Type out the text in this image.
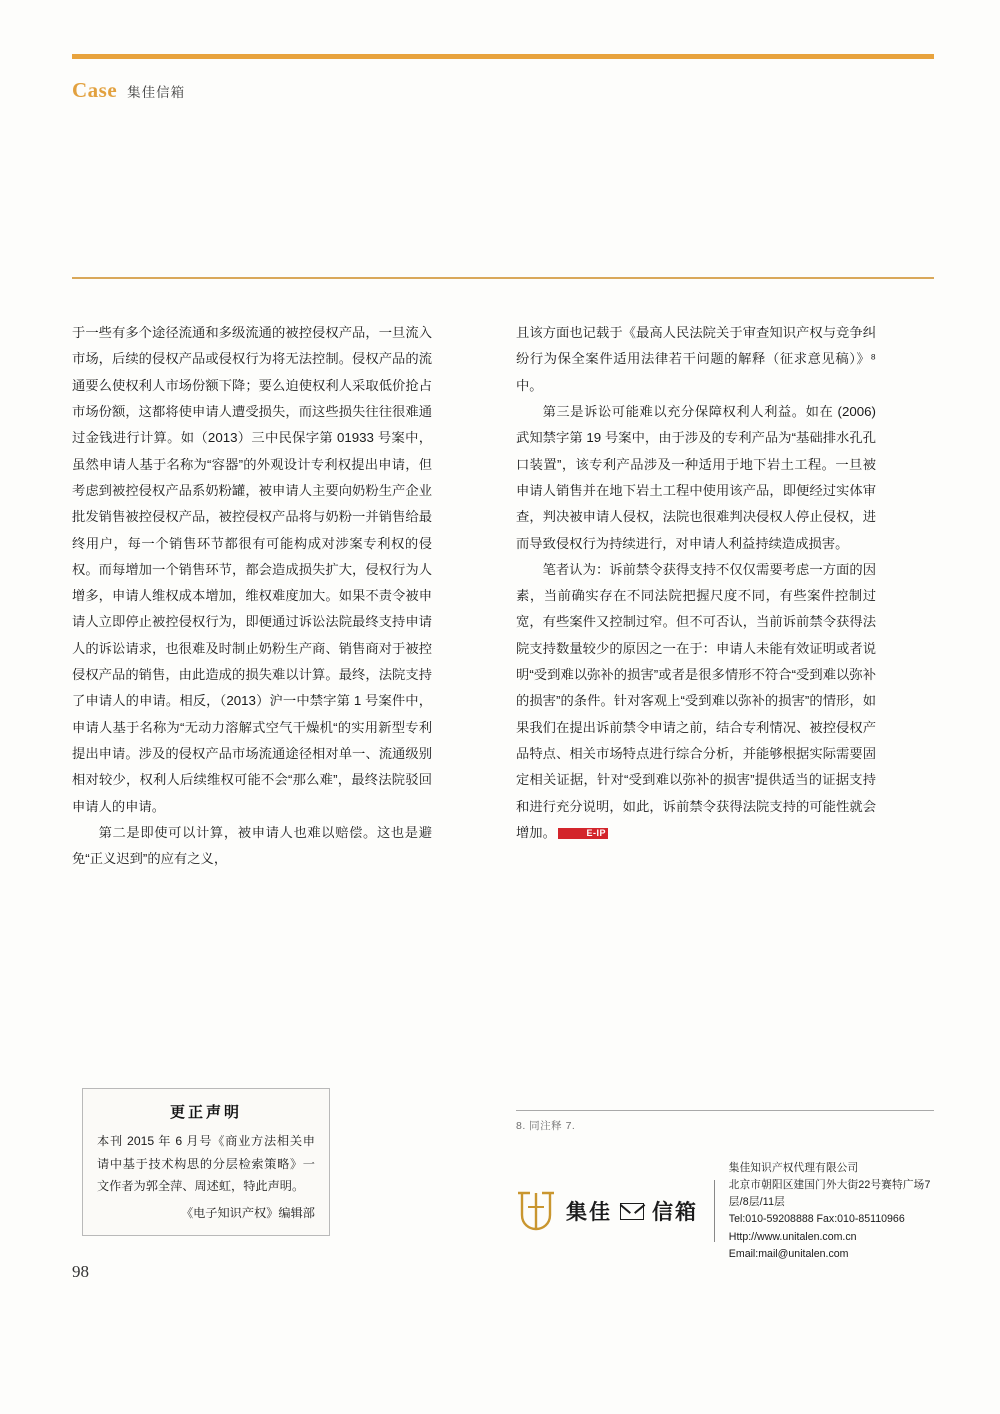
Case 集佳信箱

于一些有多个途径流通和多级流通的被控侵权产品，一旦流入市场，后续的侵权产品或侵权行为将无法控制。侵权产品的流通要么使权利人市场份额下降；要么迫使权利人采取低价抢占市场份额，这都将使申请人遭受损失，而这些损失往往很难通过金钱进行计算。如（2013）三中民保字第 01933 号案中，虽然申请人基于名称为“容器”的外观设计专利权提出申请，但考虑到被控侵权产品系奶粉罐，被申请人主要向奶粉生产企业批发销售被控侵权产品，被控侵权产品将与奶粉一并销售给最终用户，每一个销售环节都很有可能构成对涉案专利权的侵权。而每增加一个销售环节，都会造成损失扩大，侵权行为人增多，申请人维权成本增加，维权难度加大。如果不责令被申请人立即停止被控侵权行为，即便通过诉讼法院最终支持申请人的诉讼请求，也很难及时制止奶粉生产商、销售商对于被控侵权产品的销售，由此造成的损失难以计算。最终，法院支持了申请人的申请。相反，（2013）沪一中禁字第 1 号案件中，申请人基于名称为“无动力溶解式空气干燥机“的实用新型专利提出申请。涉及的侵权产品市场流通途径相对单一、流通级别相对较少，权利人后续维权可能不会“那么难”，最终法院驳回申请人的申请。

第二是即使可以计算，被申请人也难以赔偿。这也是避免“正义迟到”的应有之义，

且该方面也记载于《最高人民法院关于审查知识产权与竞争纠纷行为保全案件适用法律若干问题的解释（征求意见稿）》⁸中。

第三是诉讼可能难以充分保障权利人利益。如在 (2006) 武知禁字第 19 号案中，由于涉及的专利产品为“基础排水孔孔口装置”，该专利产品涉及一种适用于地下岩土工程。一旦被申请人销售并在地下岩土工程中使用该产品，即便经过实体审查，判决被申请人侵权，法院也很难判决侵权人停止侵权，进而导致侵权行为持续进行，对申请人利益持续造成损害。

笔者认为：诉前禁令获得支持不仅仅需要考虑一方面的因素，当前确实存在不同法院把握尺度不同，有些案件控制过宽，有些案件又控制过窄。但不可否认，当前诉前禁令获得法院支持数量较少的原因之一在于：申请人未能有效证明或者说明“受到难以弥补的损害”或者是很多情形不符合“受到难以弥补的损害”的条件。针对客观上“受到难以弥补的损害”的情形，如果我们在提出诉前禁令申请之前，结合专利情况、被控侵权产品特点、相关市场特点进行综合分析，并能够根据实际需要固定相关证据，针对“受到难以弥补的损害”提供适当的证据支持和进行充分说明，如此，诉前禁令获得法院支持的可能性就会增加。	E-IP

更正声明
本刊 2015 年 6 月号《商业方法相关申请中基于技术构思的分层检索策略》一文作者为郭全萍、周述虹，特此声明。
《电子知识产权》编辑部
8. 同注释 7.
集佳 信箱
集佳知识产权代理有限公司
北京市朝阳区建国门外大街22号赛特广场7层/8层/11层
Tel:010-59208888 Fax:010-85110966
Http://www.unitalen.com.cn Email:mail@unitalen.com
98
